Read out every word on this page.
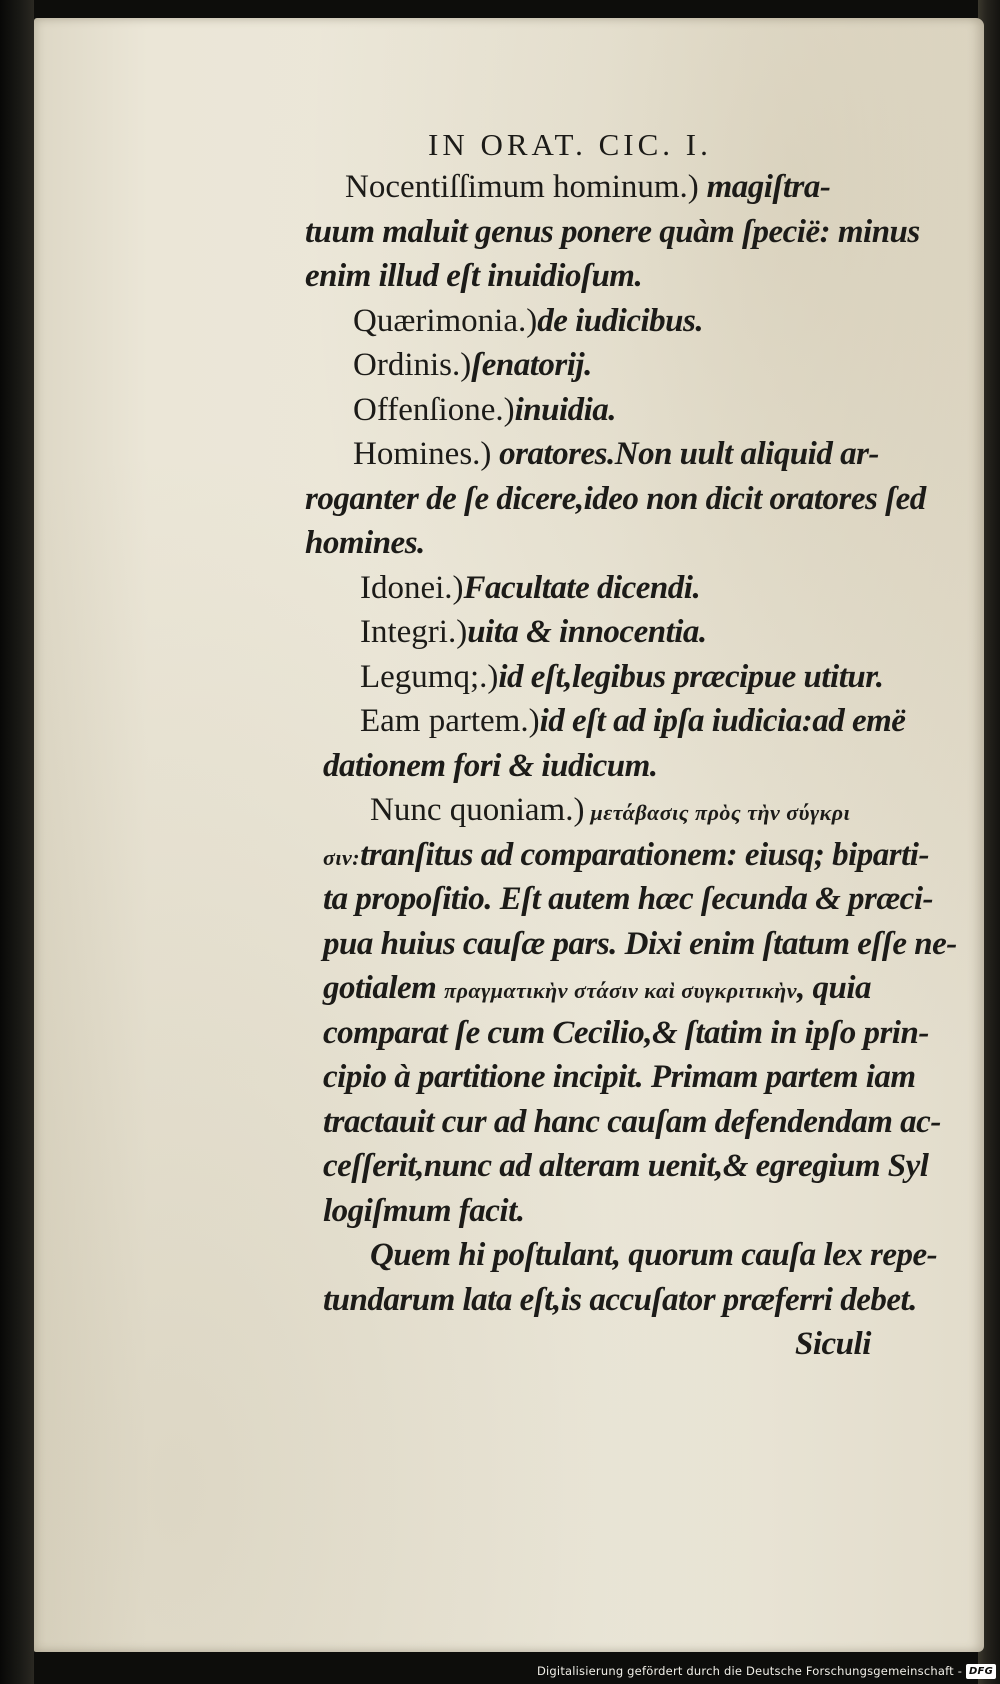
IN ORAT. CIC. I.
Nocentiſſimum hominum.) magiſtra-
tuum maluit genus ponere quàm ſpecië: minus
enim illud eſt inuidioſum.
Quærimonia.)de iudicibus.
Ordinis.)ſenatorij.
Offenſione.)inuidia.
Homines.) oratores.Non uult aliquid ar-
roganter de ſe dicere,ideo non dicit oratores ſed
homines.
Idonei.)Facultate dicendi.
Integri.)uita & innocentia.
Legumq;.)id eſt,legibus præcipue utitur.
Eam partem.)id eſt ad ipſa iudicia:ad emë
dationem fori & iudicum.
Nunc quoniam.) μετάβασις πρὸς τὴν σύγκρι
σιν:tranſitus ad comparationem: eiusq; biparti-
ta propoſitio. Eſt autem hæc ſecunda & præci-
pua huius cauſæ pars. Dixi enim ſtatum eſſe ne-
gotialem πραγματικὴν στάσιν καὶ συγκριτικὴν, quia
comparat ſe cum Cecilio,& ſtatim in ipſo prin-
cipio à partitione incipit. Primam partem iam
tractauit cur ad hanc cauſam defendendam ac-
ceſſerit,nunc ad alteram uenit,& egregium Syl
logiſmum facit.
Quem hi poſtulant, quorum cauſa lex repe-
tundarum lata eſt,is accuſator præferri debet.
Siculi
Digitalisierung gefördert durch die Deutsche Forschungsgemeinschaft - DFG
